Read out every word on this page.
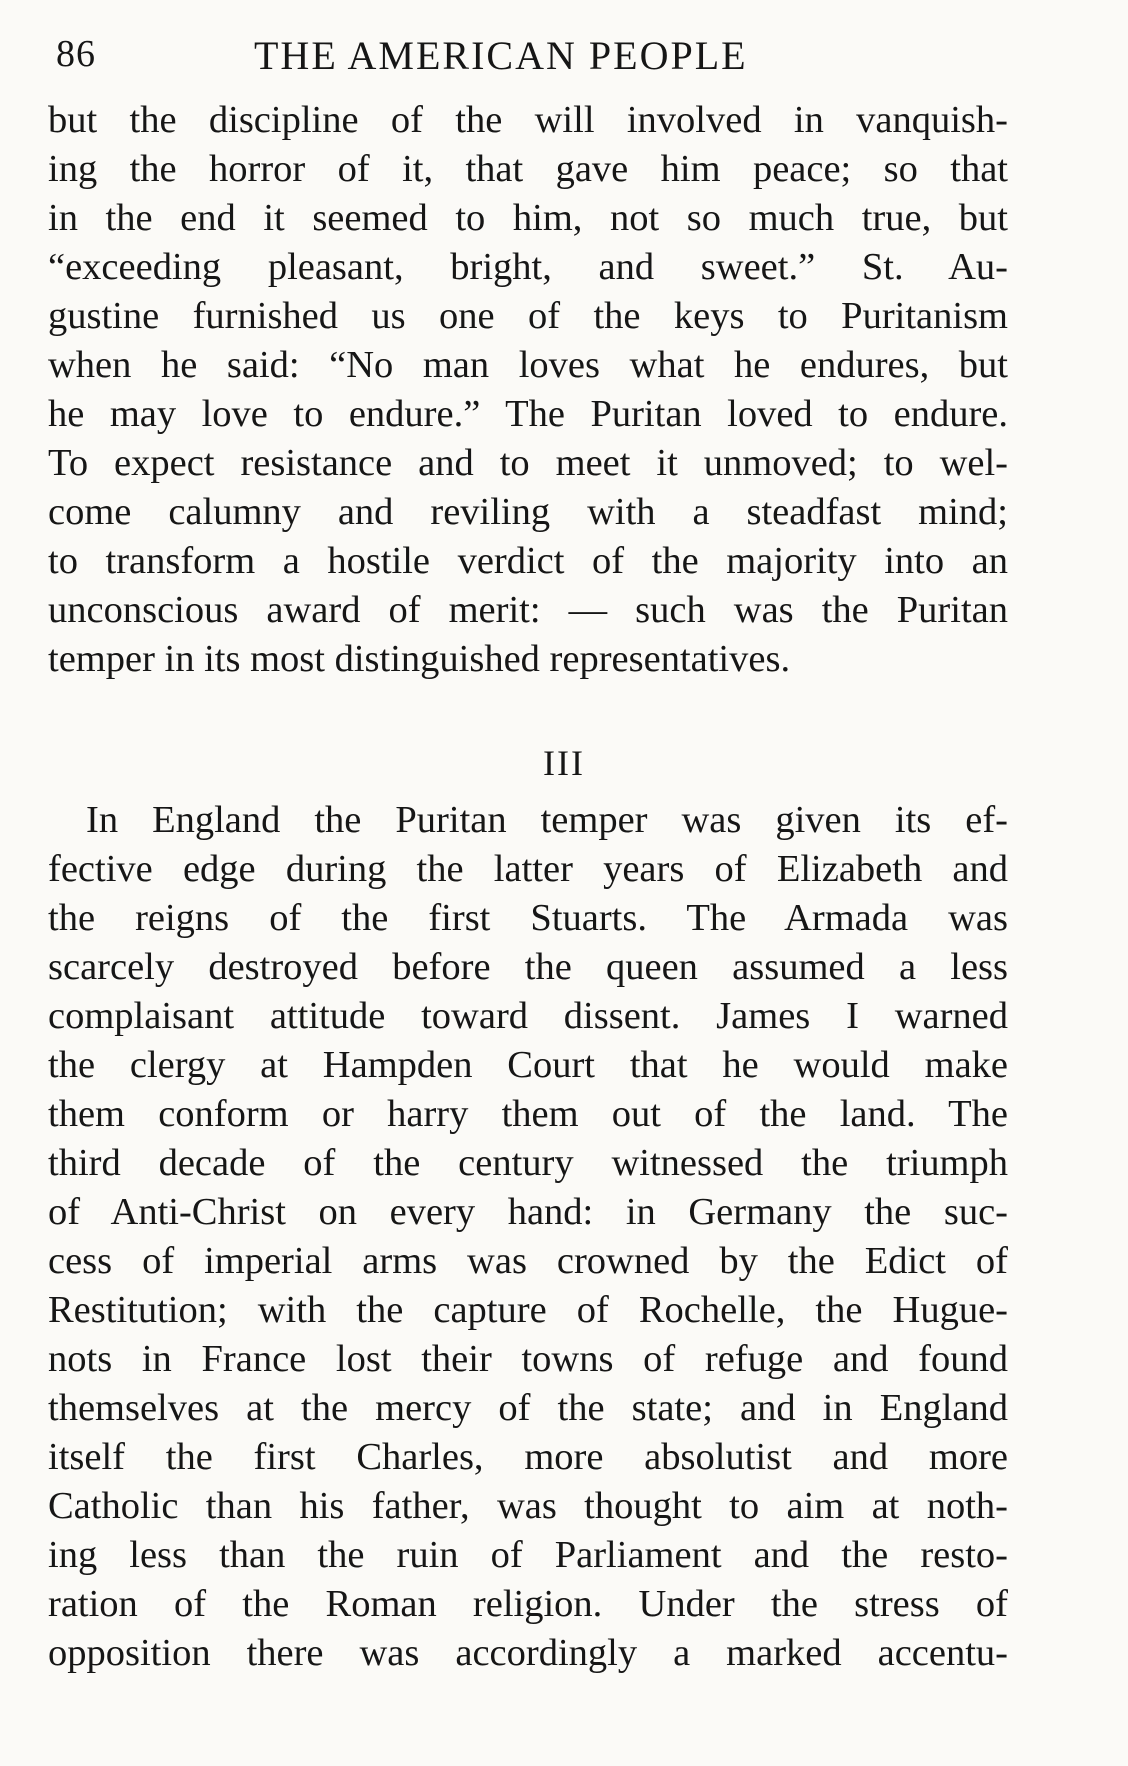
86	THE AMERICAN PEOPLE
but the discipline of the will involved in vanquish-
ing the horror of it, that gave him peace; so that
in the end it seemed to him, not so much true, but
“exceeding pleasant, bright, and sweet.” St. Au-
gustine furnished us one of the keys to Puritanism
when he said: “No man loves what he endures, but
he may love to endure.” The Puritan loved to endure.
To expect resistance and to meet it unmoved; to wel-
come calumny and reviling with a steadfast mind;
to transform a hostile verdict of the majority into an
unconscious award of merit: — such was the Puritan
temper in its most distinguished representatives.
III
In England the Puritan temper was given its ef-
fective edge during the latter years of Elizabeth and
the reigns of the first Stuarts. The Armada was
scarcely destroyed before the queen assumed a less
complaisant attitude toward dissent. James I warned
the clergy at Hampden Court that he would make
them conform or harry them out of the land. The
third decade of the century witnessed the triumph
of Anti-Christ on every hand: in Germany the suc-
cess of imperial arms was crowned by the Edict of
Restitution; with the capture of Rochelle, the Hugue-
nots in France lost their towns of refuge and found
themselves at the mercy of the state; and in England
itself the first Charles, more absolutist and more
Catholic than his father, was thought to aim at noth-
ing less than the ruin of Parliament and the resto-
ration of the Roman religion. Under the stress of
opposition there was accordingly a marked accentu-
